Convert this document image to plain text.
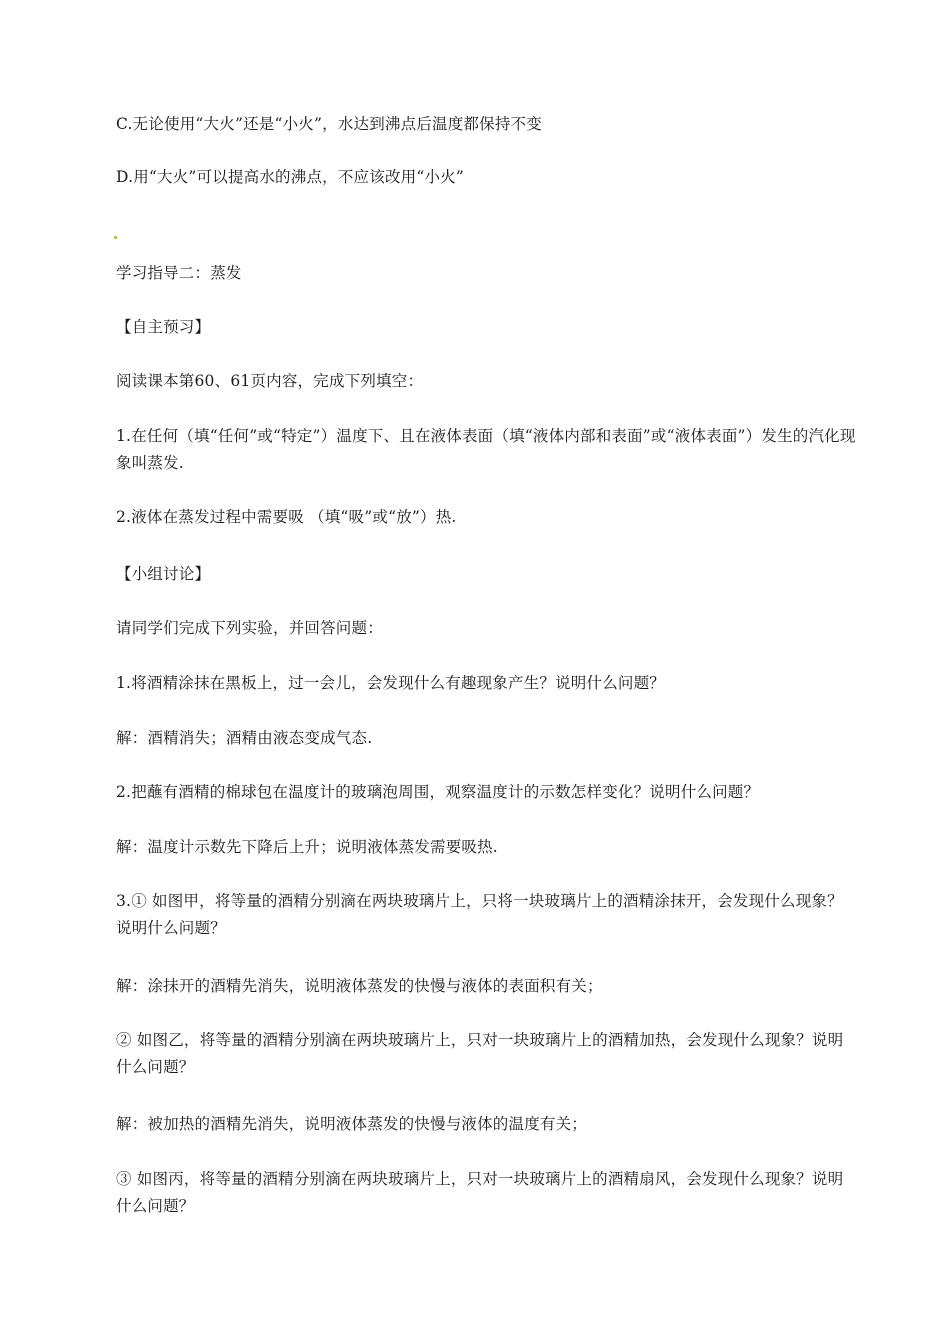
C.无论使用“大火”还是“小火”，水达到沸点后温度都保持不变
D.用“大火”可以提高水的沸点，不应该改用“小火”
学习指导二：蒸发
【自主预习】
阅读课本第60、61页内容，完成下列填空：
1.在任何（填“任何”或“特定”）温度下、且在液体表面（填“液体内部和表面”或“液体表面”）发生的汽化现象叫蒸发.
2.液体在蒸发过程中需要吸 （填“吸”或“放”）热.
【小组讨论】
请同学们完成下列实验，并回答问题：
1.将酒精涂抹在黑板上，过一会儿，会发现什么有趣现象产生？说明什么问题？
解：酒精消失；酒精由液态变成气态.
2.把蘸有酒精的棉球包在温度计的玻璃泡周围，观察温度计的示数怎样变化？说明什么问题？
解：温度计示数先下降后上升；说明液体蒸发需要吸热.
3.① 如图甲，将等量的酒精分别滴在两块玻璃片上，只将一块玻璃片上的酒精涂抹开，会发现什么现象？说明什么问题？
解：涂抹开的酒精先消失，说明液体蒸发的快慢与液体的表面积有关；
② 如图乙，将等量的酒精分别滴在两块玻璃片上，只对一块玻璃片上的酒精加热，会发现什么现象？说明什么问题？
解：被加热的酒精先消失，说明液体蒸发的快慢与液体的温度有关；
③ 如图丙，将等量的酒精分别滴在两块玻璃片上，只对一块玻璃片上的酒精扇风，会发现什么现象？说明什么问题？
